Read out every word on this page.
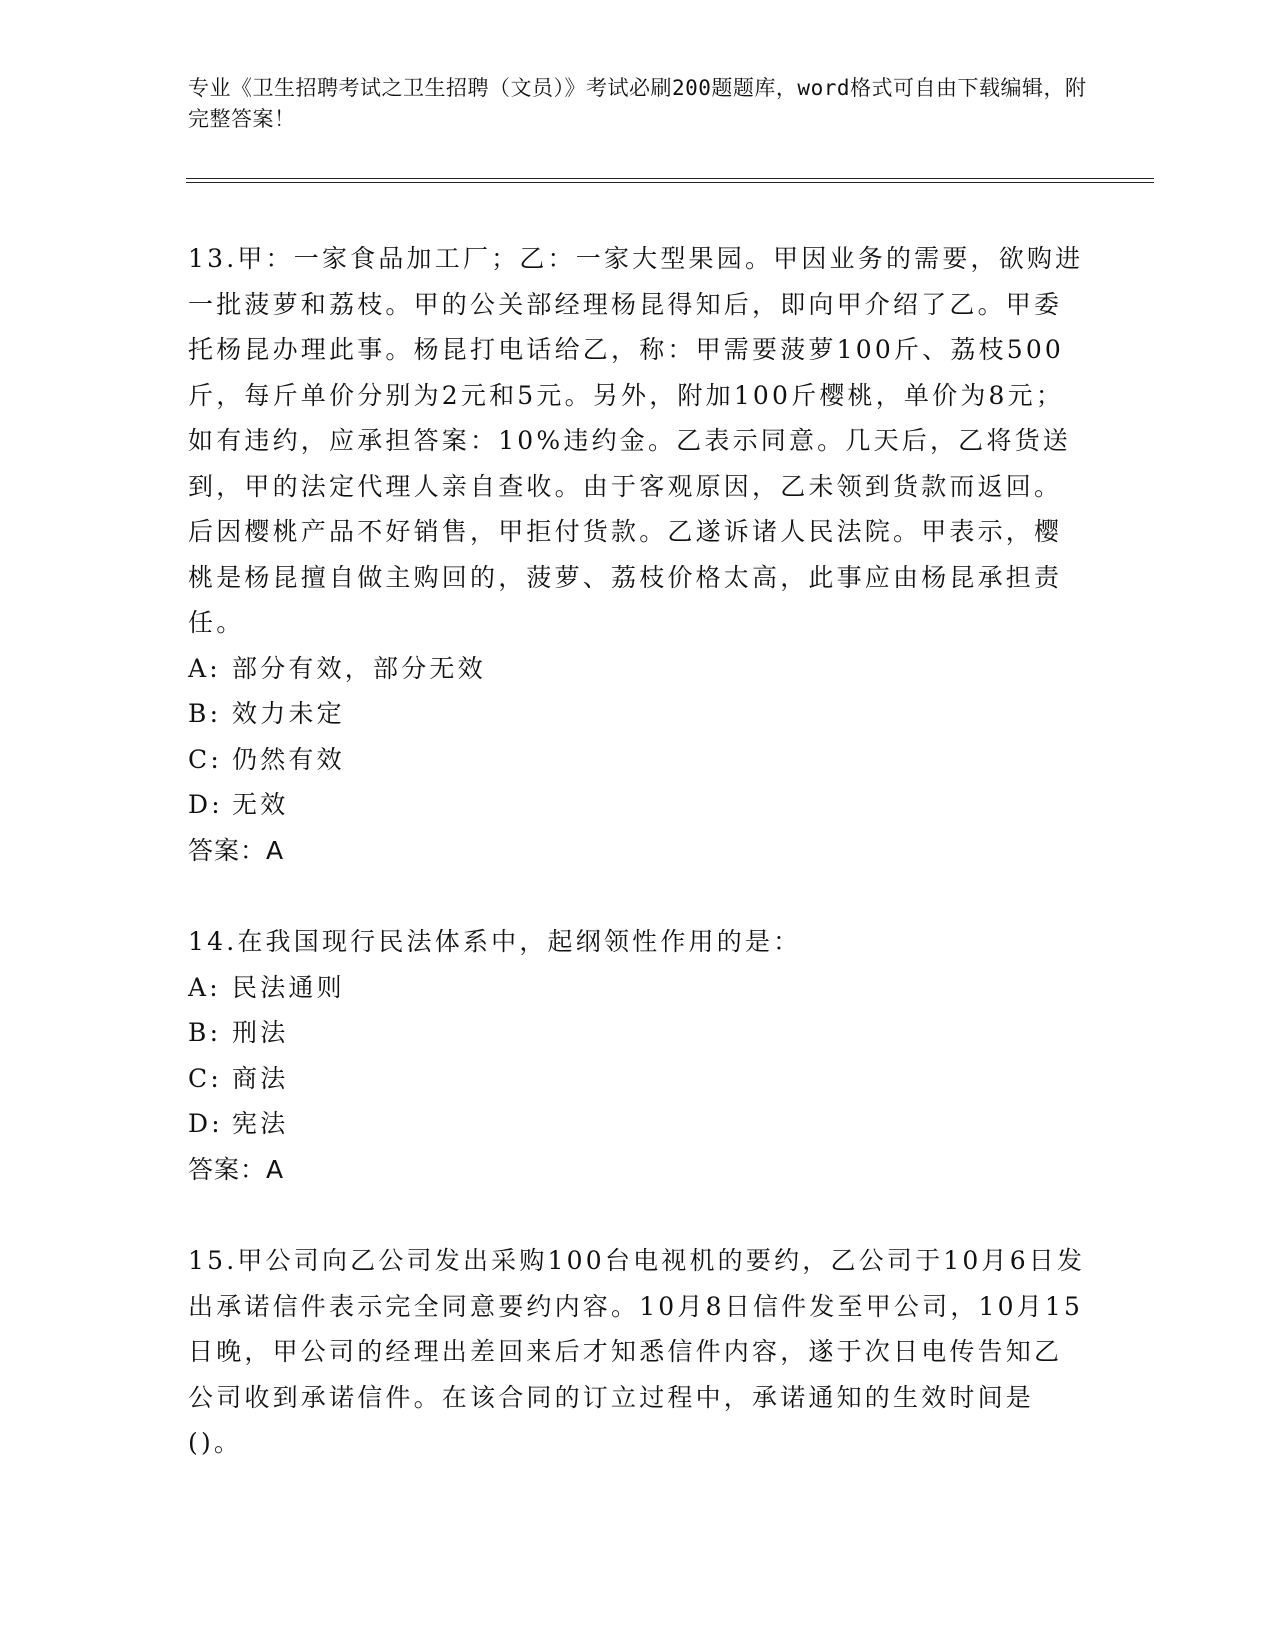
专业《卫生招聘考试之卫生招聘（文员）》考试必刷200题题库，word格式可自由下载编辑，附完整答案！

13.甲：一家食品加工厂；乙：一家大型果园。甲因业务的需要，欲购进一批菠萝和荔枝。甲的公关部经理杨昆得知后，即向甲介绍了乙。甲委托杨昆办理此事。杨昆打电话给乙，称：甲需要菠萝100斤、荔枝500斤，每斤单价分别为2元和5元。另外，附加100斤樱桃，单价为8元；如有违约，应承担答案：10%违约金。乙表示同意。几天后，乙将货送到，甲的法定代理人亲自查收。由于客观原因，乙未领到货款而返回。后因樱桃产品不好销售，甲拒付货款。乙遂诉诸人民法院。甲表示，樱桃是杨昆擅自做主购回的，菠萝、荔枝价格太高，此事应由杨昆承担责任。

A: 部分有效，部分无效
B: 效力未定
C: 仍然有效
D: 无效

答案：A

14.在我国现行民法体系中，起纲领性作用的是：

A: 民法通则
B: 刑法
C: 商法
D: 宪法

答案：A

15.甲公司向乙公司发出采购100台电视机的要约，乙公司于10月6日发出承诺信件表示完全同意要约内容。10月8日信件发至甲公司，10月15日晚，甲公司的经理出差回来后才知悉信件内容，遂于次日电传告知乙公司收到承诺信件。在该合同的订立过程中，承诺通知的生效时间是()。
